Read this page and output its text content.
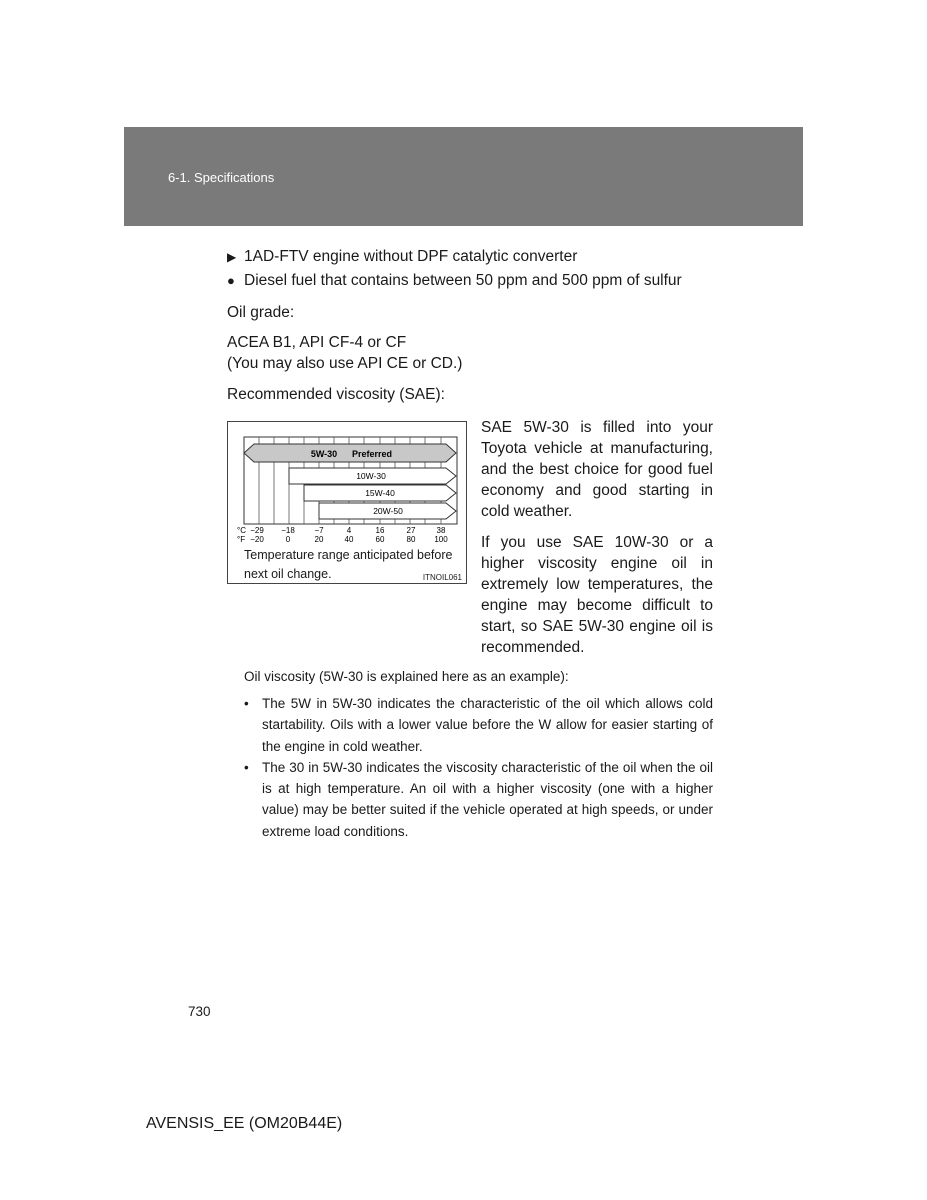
6-1. Specifications
▶ 1AD-FTV engine without DPF catalytic converter
● Diesel fuel that contains between 50 ppm and 500 ppm of sulfur
Oil grade:
ACEA B1, API CF-4 or CF
(You may also use API CE or CD.)
Recommended viscosity (SAE):
5W-30 Preferred
10W-30
15W-40
20W-50
°C
°F
−29 −18 −7	4	16	27	38
−20	0	20	40	60	80 100
Temperature range anticipated before
next oil change.	ITNOIL061
SAE 5W-30 is filled into your Toyota vehicle at manufacturing, and the best choice for good fuel economy and good starting in cold weather.
If you use SAE 10W-30 or a higher viscosity engine oil in extremely low temperatures, the engine may become difficult to start, so SAE 5W-30 engine oil is recommended.
Oil viscosity (5W-30 is explained here as an example):
• The 5W in 5W-30 indicates the characteristic of the oil which allows cold startability. Oils with a lower value before the W allow for easier starting of the engine in cold weather.
• The 30 in 5W-30 indicates the viscosity characteristic of the oil when the oil is at high temperature. An oil with a higher viscosity (one with a higher value) may be better suited if the vehicle operated at high speeds, or under extreme load conditions.
730
AVENSIS_EE (OM20B44E)
